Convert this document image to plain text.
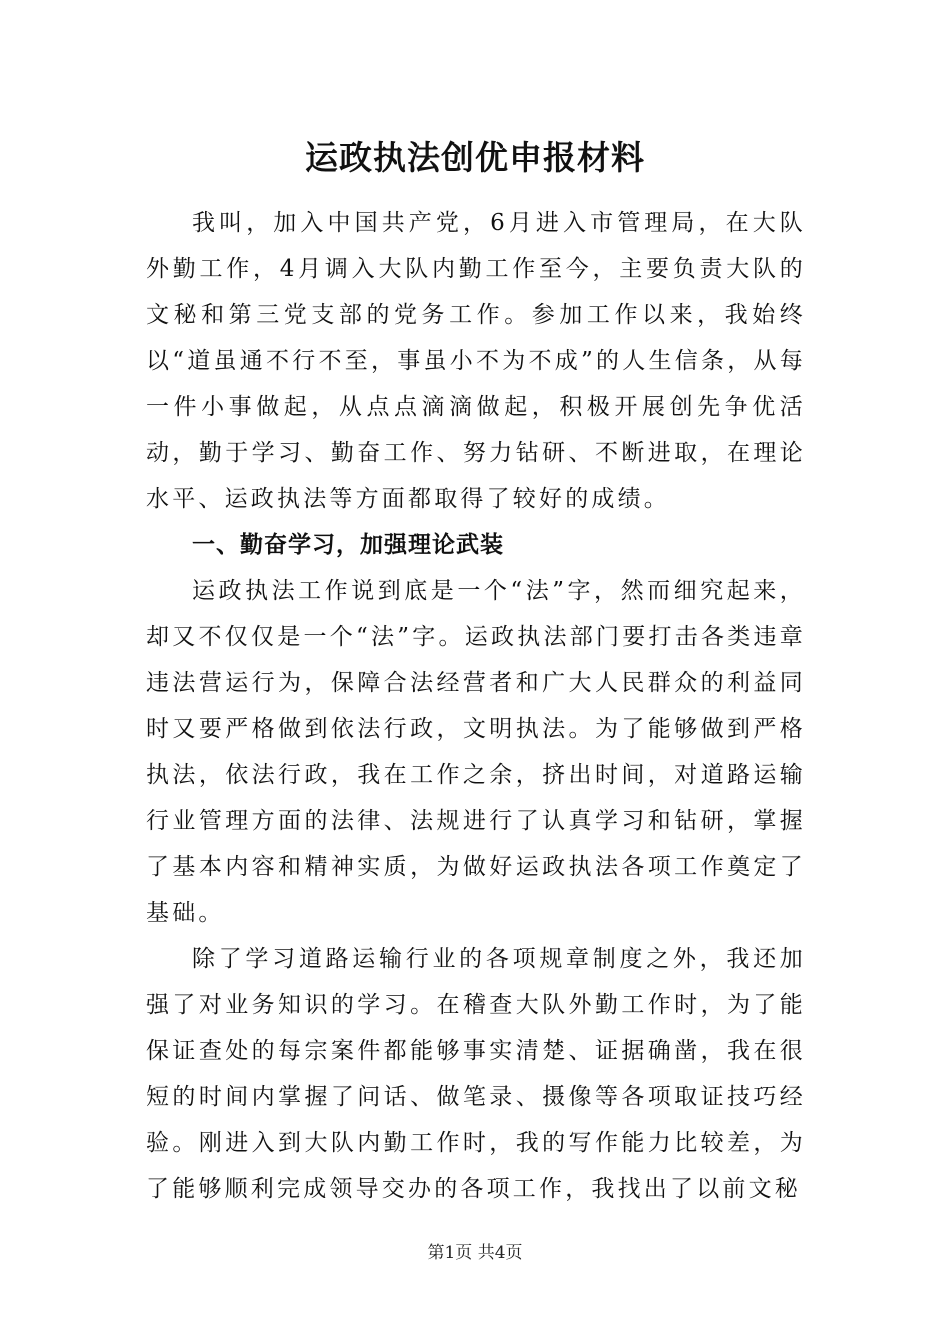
运政执法创优申报材料

我叫，加入中国共产党，6月进入市管理局，在大队外勤工作，4月调入大队内勤工作至今，主要负责大队的文秘和第三党支部的党务工作。参加工作以来，我始终以“道虽通不行不至，事虽小不为不成”的人生信条，从每一件小事做起，从点点滴滴做起，积极开展创先争优活动，勤于学习、勤奋工作、努力钻研、不断进取，在理论水平、运政执法等方面都取得了较好的成绩。

一、勤奋学习，加强理论武装

运政执法工作说到底是一个“法”字，然而细究起来，却又不仅仅是一个“法”字。运政执法部门要打击各类违章违法营运行为，保障合法经营者和广大人民群众的利益同时又要严格做到依法行政，文明执法。为了能够做到严格执法，依法行政，我在工作之余，挤出时间，对道路运输行业管理方面的法律、法规进行了认真学习和钻研，掌握了基本内容和精神实质，为做好运政执法各项工作奠定了基础。

除了学习道路运输行业的各项规章制度之外，我还加强了对业务知识的学习。在稽查大队外勤工作时，为了能保证查处的每宗案件都能够事实清楚、证据确凿，我在很短的时间内掌握了问话、做笔录、摄像等各项取证技巧经验。刚进入到大队内勤工作时，我的写作能力比较差，为了能够顺利完成领导交办的各项工作，我找出了以前文秘

第1页 共4页
